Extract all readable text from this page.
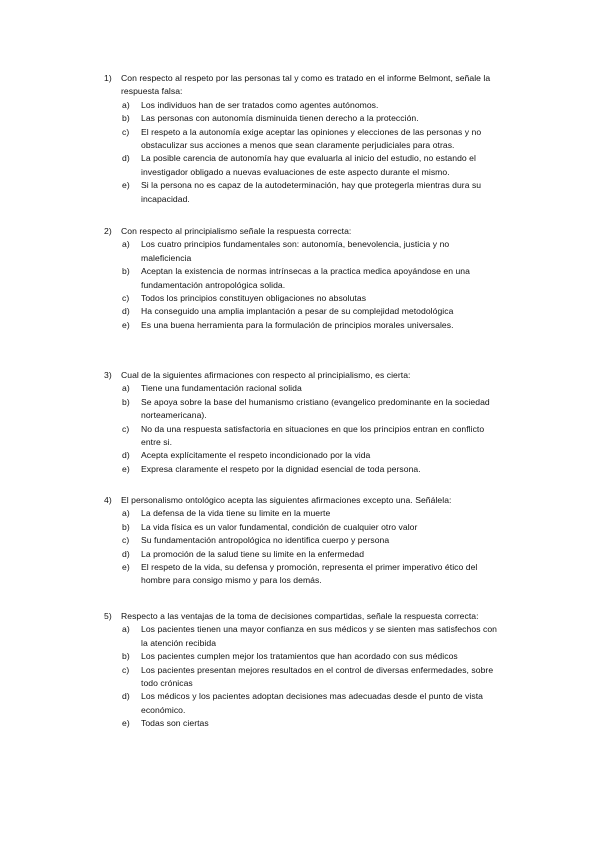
1) Con respecto al respeto por las personas tal y como es tratado en el informe Belmont, señale la
respuesta falsa:
a) Los individuos han de ser tratados como agentes autónomos.
b) Las personas con autonomía disminuida tienen derecho a la protección.
c) El respeto a la autonomía exige aceptar las opiniones y elecciones de las personas y no
obstaculizar sus acciones a menos que sean claramente perjudiciales para otras.
d) La posible carencia de autonomía hay que evaluarla al inicio del estudio, no estando el
investigador obligado a nuevas evaluaciones de este aspecto durante el mismo.
e) Si la persona no es capaz de la autodeterminación, hay que protegerla mientras dura su
incapacidad.
2) Con respecto al principialismo señale la respuesta correcta:
a) Los cuatro principios fundamentales son: autonomía, benevolencia, justicia y no
maleficiencia
b) Aceptan la existencia de normas intrínsecas a la practica medica apoyándose en una
fundamentación antropológica solida.
c) Todos los principios constituyen obligaciones no absolutas
d) Ha conseguido una amplia implantación a pesar de su complejidad metodológica
e) Es una buena herramienta para la formulación de principios morales universales.
3) Cual de la siguientes afirmaciones con respecto al principialismo, es cierta:
a) Tiene una fundamentación racional solida
b) Se apoya sobre la base del humanismo cristiano (evangelico predominante en la sociedad
norteamericana).
c) No da una respuesta satisfactoria en situaciones en que los principios entran en conflicto
entre si.
d) Acepta explícitamente el respeto incondicionado por la vida
e) Expresa claramente el respeto por la dignidad esencial de toda persona.
4) El personalismo ontológico acepta las siguientes afirmaciones excepto una. Señálela:
a) La defensa de la vida tiene su limite en la muerte
b) La vida física es un valor fundamental, condición de cualquier otro valor
c) Su fundamentación antropológica no identifica cuerpo y persona
d) La promoción de la salud tiene su limite en la enfermedad
e) El respeto de la vida, su defensa y promoción, representa el primer imperativo ético del
hombre para consigo mismo y para los demás.
5) Respecto a las ventajas de la toma de decisiones compartidas, señale la respuesta correcta:
a) Los pacientes tienen una mayor confianza en sus médicos y se sienten mas satisfechos con
la atención recibida
b) Los pacientes cumplen mejor los tratamientos que han acordado con sus médicos
c) Los pacientes presentan mejores resultados en el control de diversas enfermedades, sobre
todo crónicas
d) Los médicos y los pacientes adoptan decisiones mas adecuadas desde el punto de vista
económico.
e) Todas son ciertas
